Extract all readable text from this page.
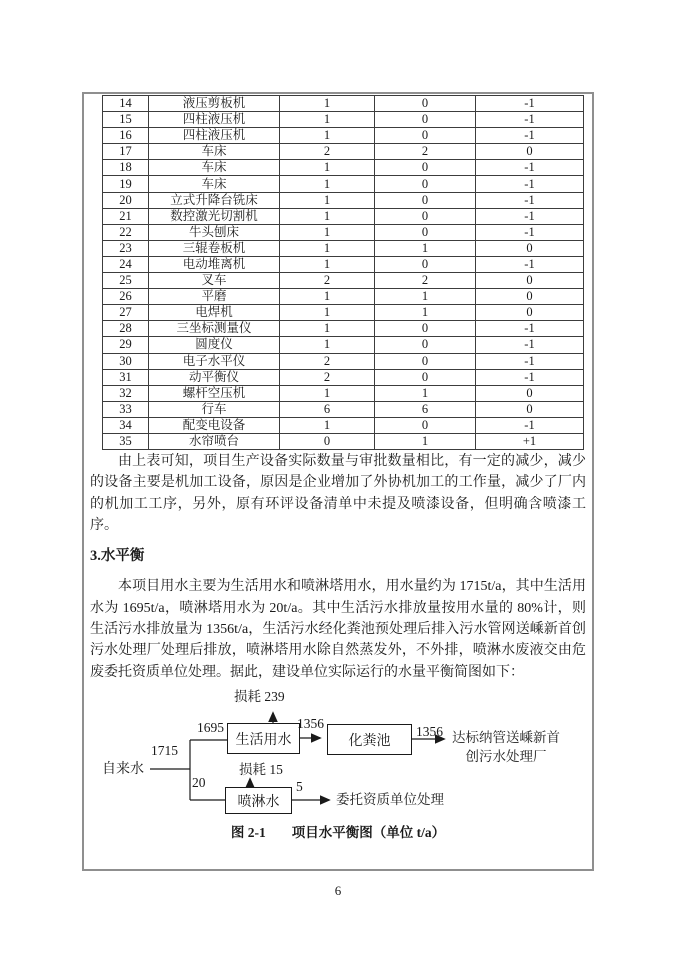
14	液压剪板机	1	0	-1
15	四柱液压机	1	0	-1
16	四柱液压机	1	0	-1
17	车床	2	2	0
18	车床	1	0	-1
19	车床	1	0	-1
20	立式升降台铣床	1	0	-1
21	数控激光切割机	1	0	-1
22	牛头刨床	1	0	-1
23	三辊卷板机	1	1	0
24	电动堆离机	1	0	-1
25	叉车	2	2	0
26	平磨	1	1	0
27	电焊机	1	1	0
28	三坐标测量仪	1	0	-1
29	圆度仪	1	0	-1
30	电子水平仪	2	0	-1
31	动平衡仪	2	0	-1
32	螺杆空压机	1	1	0
33	行车	6	6	0
34	配变电设备	1	0	-1
35	水帘喷台	0	1	+1

由上表可知，项目生产设备实际数量与审批数量相比，有一定的减少，减少的设备主要是机加工设备，原因是企业增加了外协机加工的工作量，减少了厂内的机加工工序，另外，原有环评设备清单中未提及喷漆设备，但明确含喷漆工序。

3.水平衡

本项目用水主要为生活用水和喷淋塔用水，用水量约为 1715t/a，其中生活用水为 1695t/a，喷淋塔用水为 20t/a。其中生活污水排放量按用水量的 80%计，则生活污水排放量为 1356t/a，生活污水经化粪池预处理后排入污水管网送嵊新首创污水处理厂处理后排放，喷淋塔用水除自然蒸发外，不外排，喷淋水废液交由危废委托资质单位处理。据此，建设单位实际运行的水量平衡简图如下：

自来水
1715
1695
损耗 239
生活用水
1356
化粪池
1356 达标纳管送嵊新首
创污水处理厂
损耗 15
20
喷淋水
5
委托资质单位处理
图 2-1 项目水平衡图（单位 t/a）
6
